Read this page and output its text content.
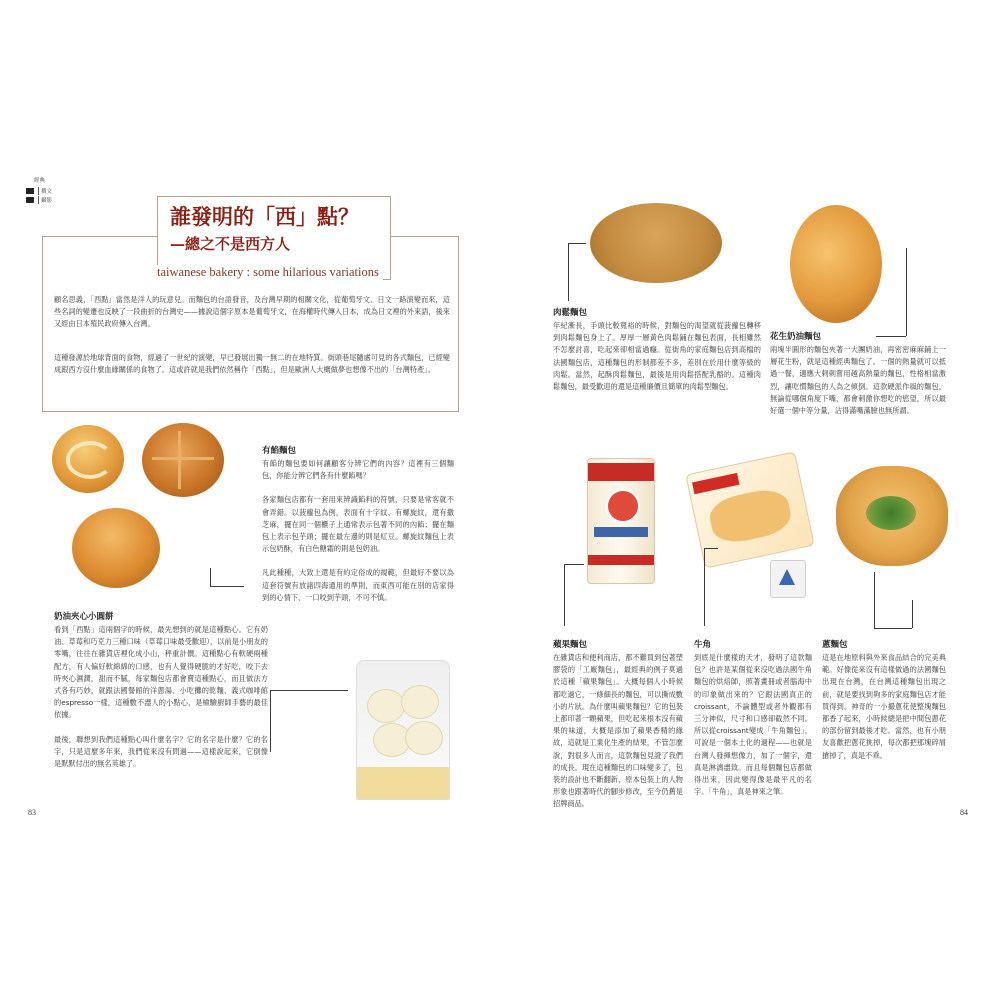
經典
撰文
攝影
誰發明的「西」點？
—總之不是西方人
taiwanese bakery : some hilarious variations
顧名思義，「西點」當然是洋人的玩意兒。而麵包的台語發音，及台灣早期的相關文化，從葡萄牙文、日文一路演變而來，這些名詞的變遷也反映了一段曲折的台灣史——據說這個字原本是葡萄牙文，在海權時代傳入日本，成為日文裡的外來語，後來又經由日本殖民政府傳入台灣。
這種發源於地球背面的食物，經過了一世紀的演變，早已發展出獨一無二的在地特質。街頭巷尾隨處可見的各式麵包，已經變成跟西方沒什麼血緣關係的食物了。這或許就是我們依然稱作「西點」，但是歐洲人大概做夢也想像不出的「台灣特產」。
有餡麵包
有餡的麵包要如何讓顧客分辨它們的內容？這裡有三個麵包，你能分辨它們各有什麼餡嗎？
各家麵包店都有一套用來辨識餡料的符號，只要是常客就不會弄錯。以菠蘿包為例，表面有十字紋、有螺旋紋，還有撒芝麻，擺在同一個櫃子上通常表示包著不同的內餡；擺在麵包上表示包芋頭；擺在最左邊的則是紅豆。螺旋紋麵包上表示包奶酥，有白色糖霜的則是包奶油。
凡此種種，大致上還是有約定俗成的規範，但最好不要以為這套符號有放諸四海通用的準則，而東西可能在別的店家得到的心情下、一口咬到芋頭，不可不慎。
奶油夾心小圓餅
看到「西點」這兩個字的時候，最先想到的就是這種點心。它有奶油、草莓和巧克力三種口味（草莓口味最受歡迎），以前是小朋友的零嘴，往往在雜貨店裡化成小山，秤重計價。這種點心有軟硬兩種配方，有人偏好軟綿綿的口感，也有人覺得硬脆的才好吃，咬下去時夾心濕潤，甜而不膩，每家麵包店都會賣這種點心，而且做法方式各有巧妙，就跟法國餐館的洋蔥湯、小吃攤的乾麵、義式咖啡館的espresso一樣，這種數不盡人的小點心，是檢驗廚師手藝的最佳依據。
最後，聯想到我們這種點心叫什麼名字？它的名字是什麼？它的名字，只是這麼多年來，我們從來沒有問過——這樣說起來，它倒像是默默付出的無名英雄了。
肉鬆麵包
年紀漸長，手頭比較寬裕的時候，對麵包的渴望就從菠蘿包轉移到肉鬆麵包身上了。厚厚一層黃色肉鬆鋪在麵包表面，長相雖然不怎麼討喜，吃起來卻相當過癮。從街角的家庭麵包店到高檔的法國麵包店，這種麵包的形制都差不多，差別在於用什麼等級的肉鬆。當然，起酥肉鬆麵包，最後是用肉鬆搭配乳酪的。這種肉鬆麵包，最受歡迎的還是這種廉價且簡單的肉鬆型麵包。
花生奶油麵包
兩塊半圓形的麵包夾著一大團奶油，再密密麻麻鋪上一層花生粉，就是這種經典麵包了。一個的熱量就可以抵過一餐，適應大剌剌嘗用越高熱量的麵包，性格相當激烈，讓吃慣麵包的人為之傾倒。這款硬派作風的麵包，無論從哪個角度下嘴，都會刺激你想吃的慾望，所以最好選一個中等分量，沾得滿嘴滿臉也無所謂。
蘋果麵包
在雜貨店和便利商店，都不難買到包著塑膠袋的「工廠麵包」，最經典的例子莫過於這種「蘋果麵包」。大概每個人小時候都吃過它，一條細長的麵包，可以撕成數小的片狀。為什麼叫蘋果麵包？它的包裝上都印著一顆蘋果，但吃起來根本沒有蘋果的味道，大概是添加了蘋果香精的緣故，這就是工業化生產的結果，不管怎麼說，對很多人而言，這款麵包見證了我們的成長。現在這種麵包的口味變多了，包裝的設計也不斷翻新，原本包裝上的人物形象也跟著時代的腳步修改，至今仍舊是招牌商品。
牛角
到底是什麼樣的天才，發明了這款麵包？也許是某個從來沒吃過法國牛角麵包的烘焙師，照著畫冊或者腦海中的印象做出來的？它跟法國真正的croissant，不論體型或者外觀都有三分神似，尺寸和口感卻截然不同。所以從croissant變成「牛角麵包」，可說是一個本土化的過程——也就是台灣人發揮想像力，加了一個字，還真是淋漓盡致。而且每個麵包店都做得出來，因此變得像是最平凡的名字。「牛角」，真是神來之筆。
蔥麵包
這是在地原料與外來食品結合的完美典範。好像從來沒有這樣做過的法國麵包出現在台灣，在台灣這種麵包出現之前，就是要找到夠多的家庭麵包店才能買得到。神奇的一小撮蔥花使整塊麵包都香了起來，小時候總是把中間包蔥花的部份留到最後才吃。當然，也有小朋友喜歡把蔥花挑掉，每次都把那塊碎屑搶掉了，真是不乖。
83	84
